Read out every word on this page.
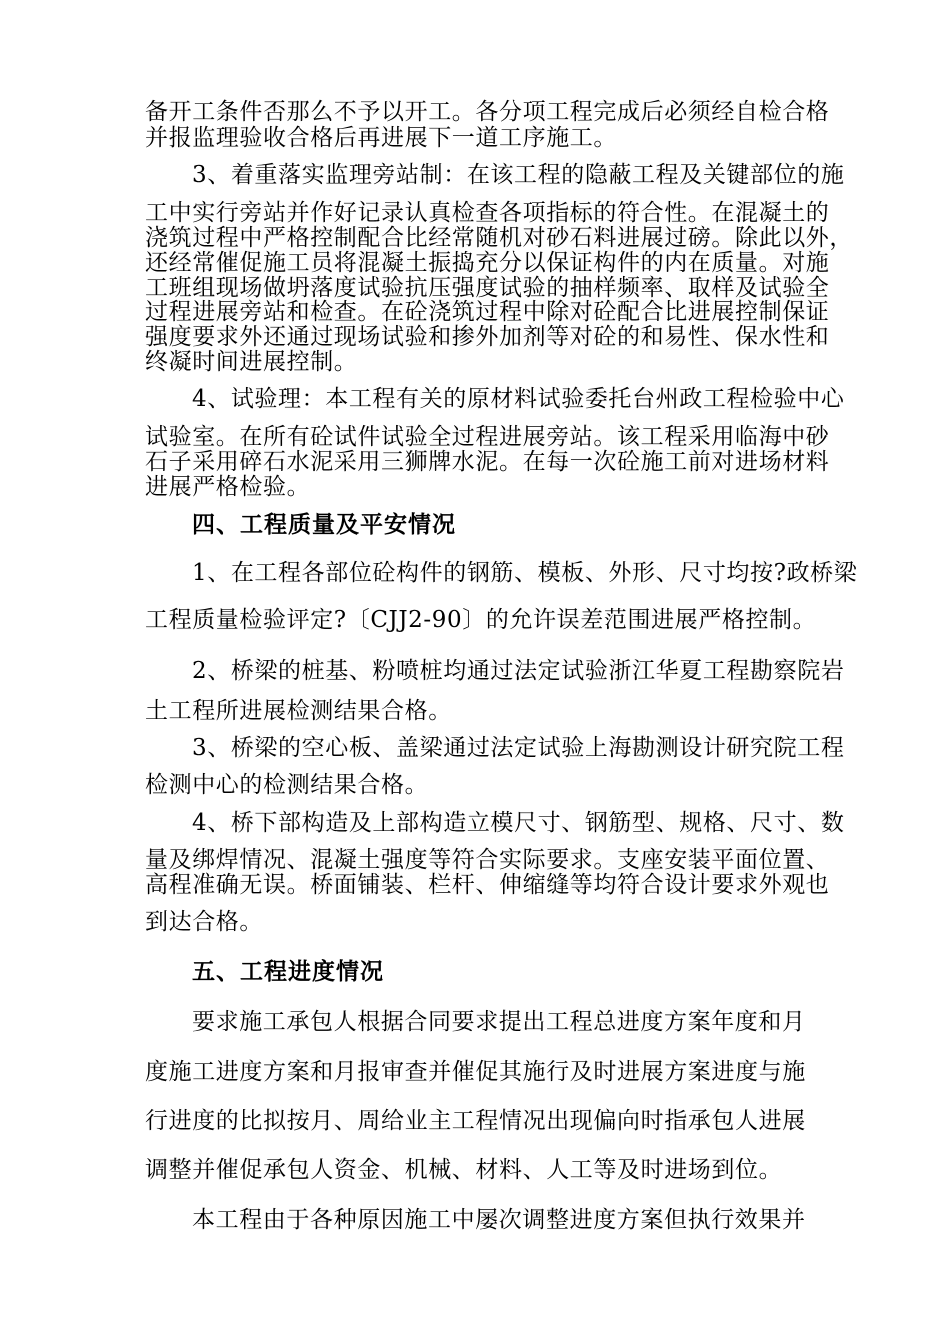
备开工条件否那么不予以开工。各分项工程完成后必须经自检合格

并报监理验收合格后再进展下一道工序施工。

3、着重落实监理旁站制：在该工程的隐蔽工程及关键部位的施

工中实行旁站并作好记录认真检查各项指标的符合性。在混凝土的

浇筑过程中严格控制配合比经常随机对砂石料进展过磅。除此以外，

还经常催促施工员将混凝土振捣充分以保证构件的内在质量。对施

工班组现场做坍落度试验抗压强度试验的抽样频率、取样及试验全

过程进展旁站和检查。在砼浇筑过程中除对砼配合比进展控制保证

强度要求外还通过现场试验和掺外加剂等对砼的和易性、保水性和

终凝时间进展控制。

4、试验理：本工程有关的原材料试验委托台州政工程检验中心

试验室。在所有砼试件试验全过程进展旁站。该工程采用临海中砂

石子采用碎石水泥采用三狮牌水泥。在每一次砼施工前对进场材料

进展严格检验。

四、工程质量及平安情况

1、在工程各部位砼构件的钢筋、模板、外形、尺寸均按?政桥梁

工程质量检验评定?〔CJJ2-90〕的允许误差范围进展严格控制。

2、桥梁的桩基、粉喷桩均通过法定试验浙江华夏工程勘察院岩

土工程所进展检测结果合格。

3、桥梁的空心板、盖梁通过法定试验上海勘测设计研究院工程

检测中心的检测结果合格。

4、桥下部构造及上部构造立模尺寸、钢筋型、规格、尺寸、数

量及绑焊情况、混凝土强度等符合实际要求。支座安装平面位置、

高程准确无误。桥面铺装、栏杆、伸缩缝等均符合设计要求外观也

到达合格。

五、工程进度情况

要求施工承包人根据合同要求提出工程总进度方案年度和月

度施工进度方案和月报审查并催促其施行及时进展方案进度与施

行进度的比拟按月、周给业主工程情况出现偏向时指承包人进展

调整并催促承包人资金、机械、材料、人工等及时进场到位。

本工程由于各种原因施工中屡次调整进度方案但执行效果并
